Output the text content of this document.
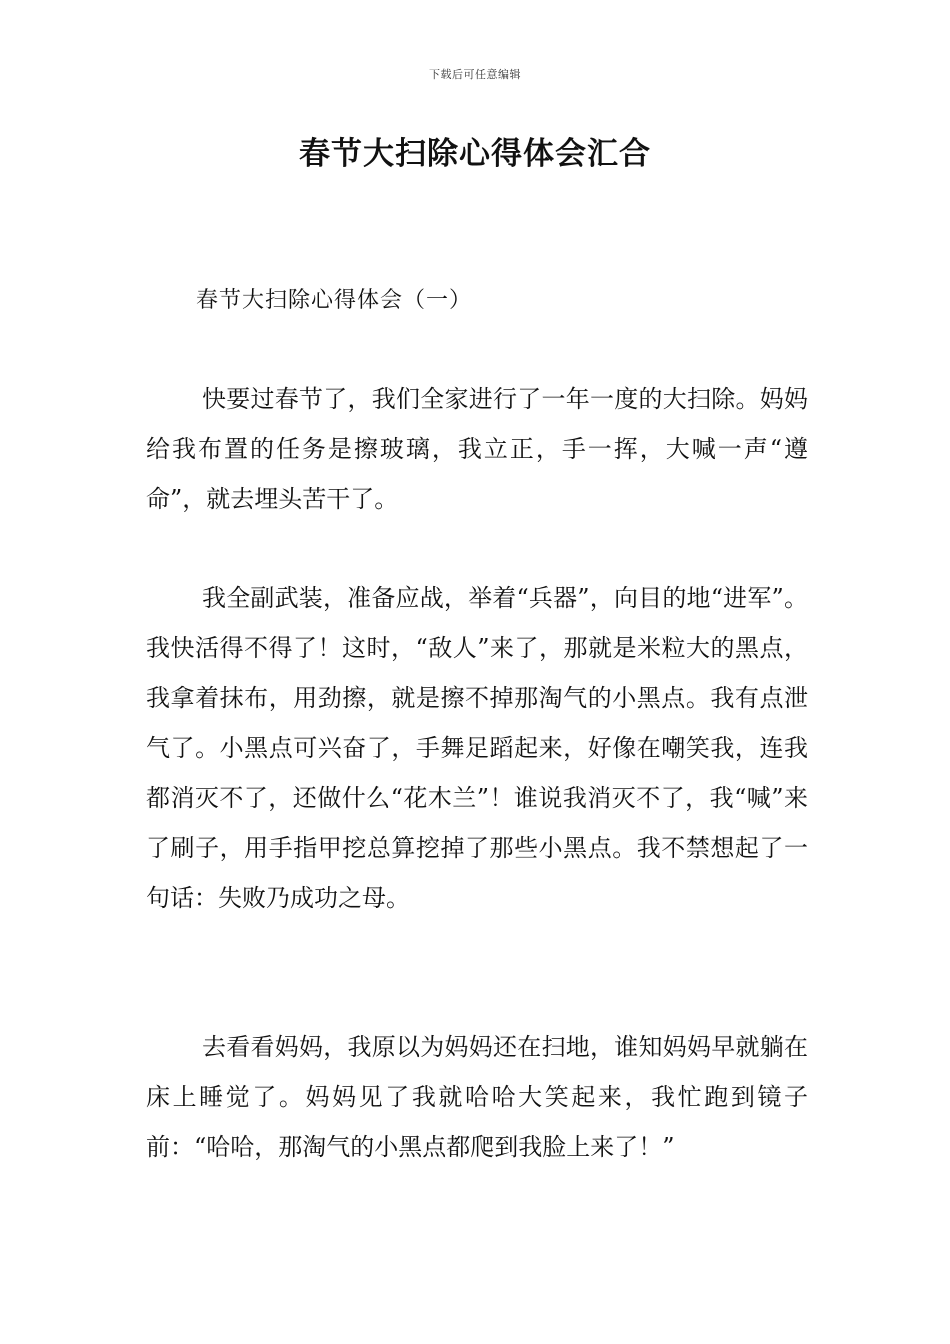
下载后可任意编辑
春节大扫除心得体会汇合
春节大扫除心得体会（一）

快要过春节了，我们全家进行了一年一度的大扫除。妈妈给我布置的任务是擦玻璃，我立正，手一挥，大喊一声“遵命”，就去埋头苦干了。

我全副武装，准备应战，举着“兵器”，向目的地“进军”。我快活得不得了！这时，“敌人”来了，那就是米粒大的黑点，我拿着抹布，用劲擦，就是擦不掉那淘气的小黑点。我有点泄气了。小黑点可兴奋了，手舞足蹈起来，好像在嘲笑我，连我都消灭不了，还做什么“花木兰”！谁说我消灭不了，我“喊”来了刷子，用手指甲挖总算挖掉了那些小黑点。我不禁想起了一句话：失败乃成功之母。

去看看妈妈，我原以为妈妈还在扫地，谁知妈妈早就躺在床上睡觉了。妈妈见了我就哈哈大笑起来，我忙跑到镜子前：“哈哈，那淘气的小黑点都爬到我脸上来了！”
